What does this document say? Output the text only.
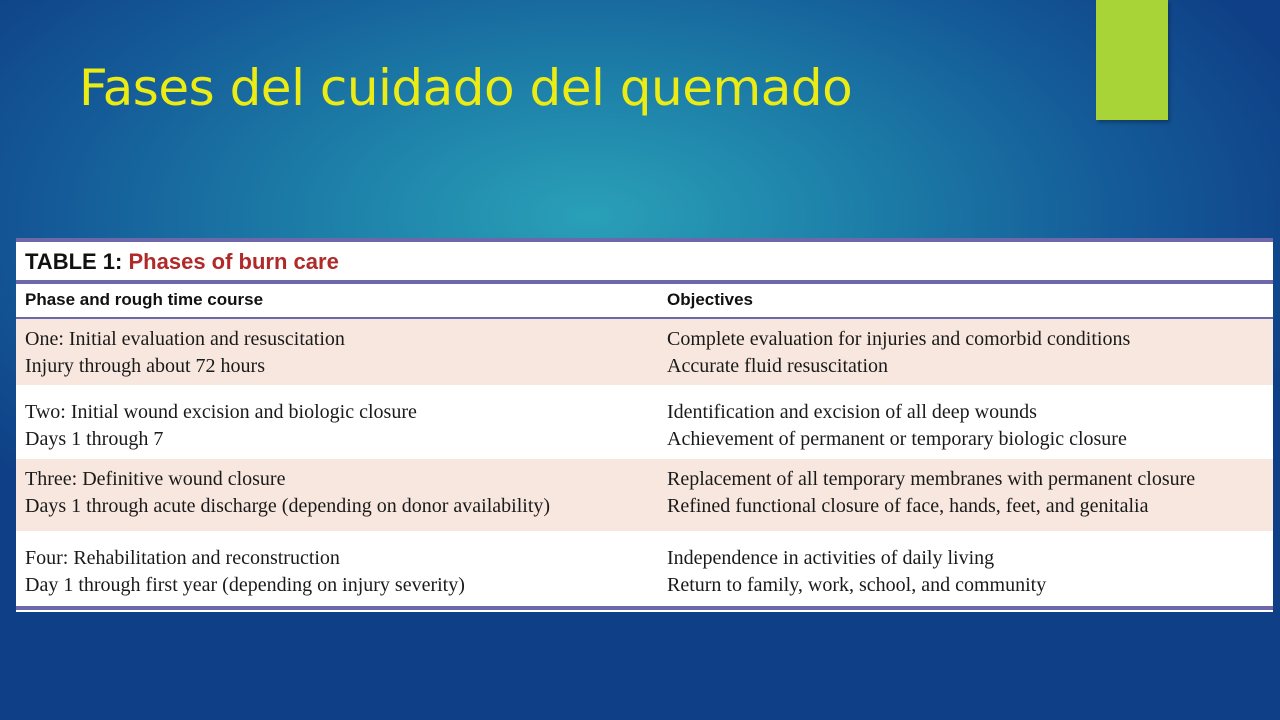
Fases del cuidado del quemado
TABLE 1: Phases of burn care
Phase and rough time course	Objectives
One: Initial evaluation and resuscitation
Injury through about 72 hours
Complete evaluation for injuries and comorbid conditions
Accurate fluid resuscitation
Two: Initial wound excision and biologic closure
Days 1 through 7
Identification and excision of all deep wounds
Achievement of permanent or temporary biologic closure
Three: Definitive wound closure
Days 1 through acute discharge (depending on donor availability)
Replacement of all temporary membranes with permanent closure
Refined functional closure of face, hands, feet, and genitalia
Four: Rehabilitation and reconstruction
Day 1 through first year (depending on injury severity)
Independence in activities of daily living
Return to family, work, school, and community
